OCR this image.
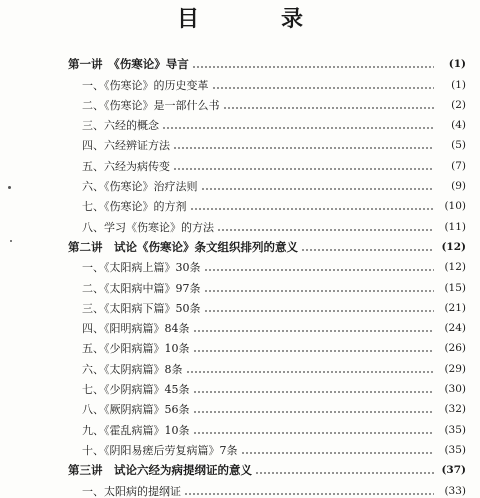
目　录
第一讲　《伤寒论》导言	(1)
一、《伤寒论》的历史变革	(1)
二、《伤寒论》是一部什么书	(2)
三、六经的概念	(4)
四、六经辨证方法	(5)
五、六经为病传变	(7)
六、《伤寒论》治疗法则	(9)
七、《伤寒论》的方剂	(10)
八、学习《伤寒论》的方法	(11)
第二讲　试论《伤寒论》条文组织排列的意义	(12)
一、《太阳病上篇》30条	(12)
二、《太阳病中篇》97条	(15)
三、《太阳病下篇》50条	(21)
四、《阳明病篇》84条	(24)
五、《少阳病篇》10条	(26)
六、《太阴病篇》8条	(29)
七、《少阴病篇》45条	(30)
八、《厥阴病篇》56条	(32)
九、《霍乱病篇》10条	(35)
十、《阴阳易瘥后劳复病篇》7条	(35)
第三讲　试论六经为病提纲证的意义	(37)
一、太阳病的提纲证	(33)
